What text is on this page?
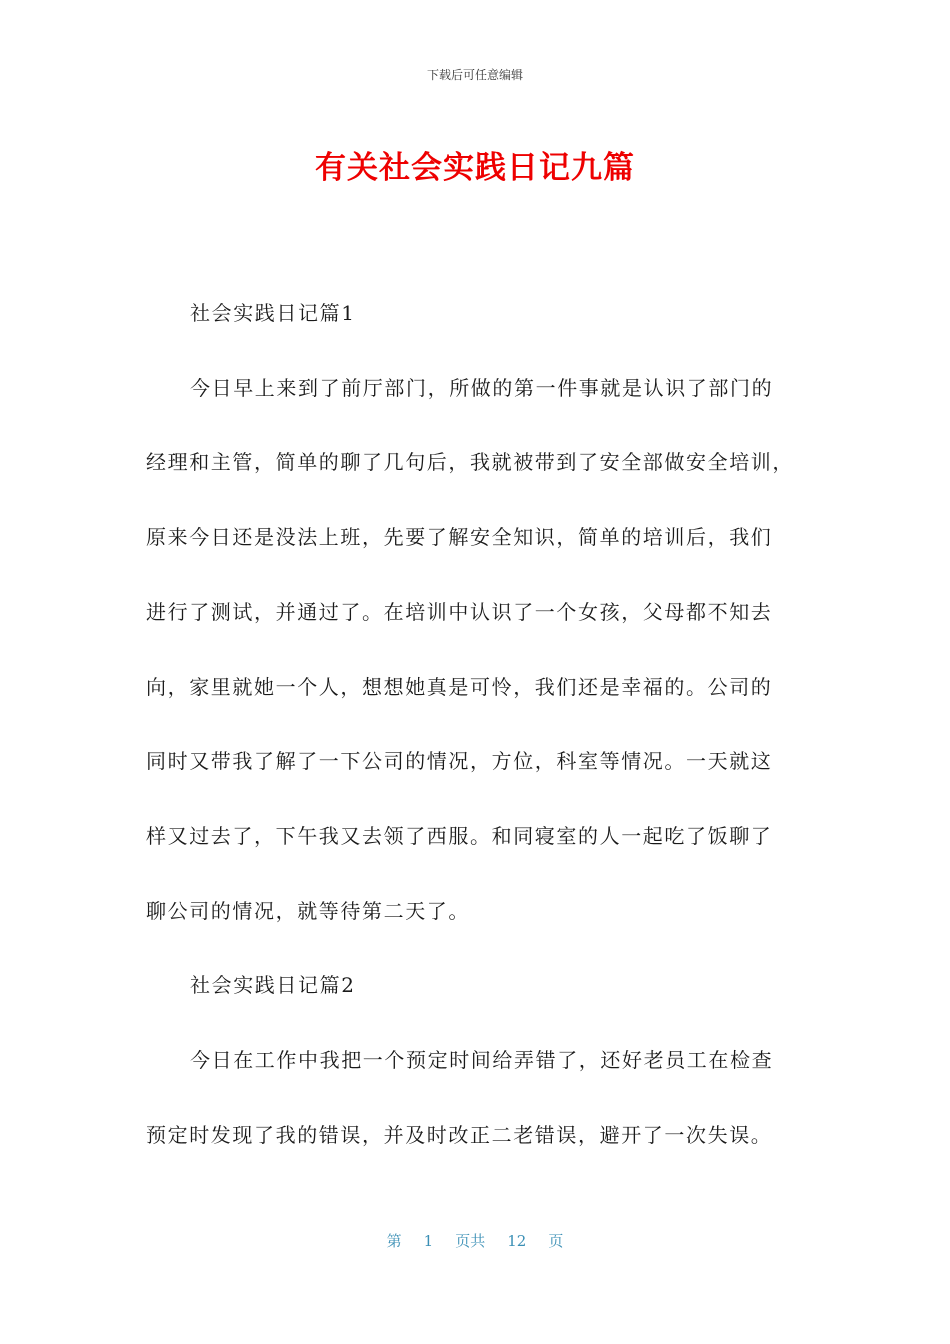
下载后可任意编辑
有关社会实践日记九篇

社会实践日记篇1

今日早上来到了前厅部门，所做的第一件事就是认识了部门的

经理和主管，简单的聊了几句后，我就被带到了安全部做安全培训，

原来今日还是没法上班，先要了解安全知识，简单的培训后，我们

进行了测试，并通过了。在培训中认识了一个女孩，父母都不知去

向，家里就她一个人，想想她真是可怜，我们还是幸福的。公司的

同时又带我了解了一下公司的情况，方位，科室等情况。一天就这

样又过去了，下午我又去领了西服。和同寝室的人一起吃了饭聊了

聊公司的情况，就等待第二天了。

社会实践日记篇2

今日在工作中我把一个预定时间给弄错了，还好老员工在检查

预定时发现了我的错误，并及时改正二老错误，避开了一次失误。

第 1 页共 12 页
